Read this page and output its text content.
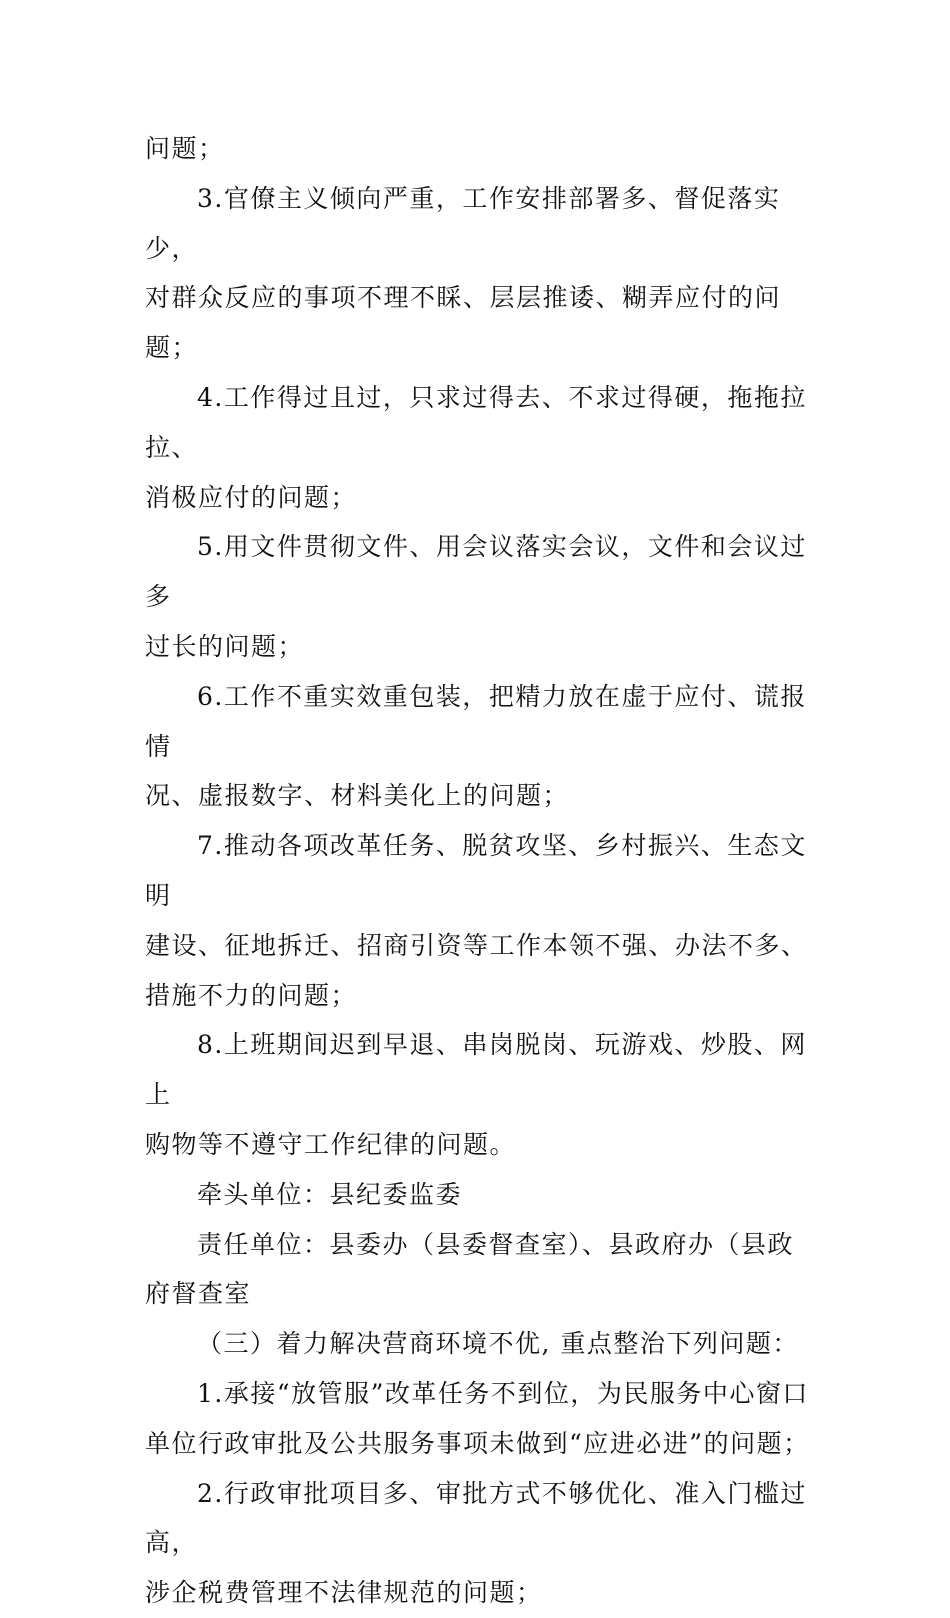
问题；

3.官僚主义倾向严重，工作安排部署多、督促落实少，
对群众反应的事项不理不睬、层层推诿、糊弄应付的问题；

4.工作得过且过，只求过得去、不求过得硬，拖拖拉拉、
消极应付的问题；

5.用文件贯彻文件、用会议落实会议，文件和会议过多
过长的问题；

6.工作不重实效重包装，把精力放在虚于应付、谎报情
况、虚报数字、材料美化上的问题；

7.推动各项改革任务、脱贫攻坚、乡村振兴、生态文明
建设、征地拆迁、招商引资等工作本领不强、办法不多、
措施不力的问题；

8.上班期间迟到早退、串岗脱岗、玩游戏、炒股、网上
购物等不遵守工作纪律的问题。

牵头单位：县纪委监委

责任单位：县委办（县委督查室）、县政府办（县政
府督查室

（三）着力解决营商环境不优, 重点整治下列问题：

1.承接“放管服”改革任务不到位，为民服务中心窗口
单位行政审批及公共服务事项未做到“应进必进”的问题；

2.行政审批项目多、审批方式不够优化、准入门槛过高，
涉企税费管理不法律规范的问题；
